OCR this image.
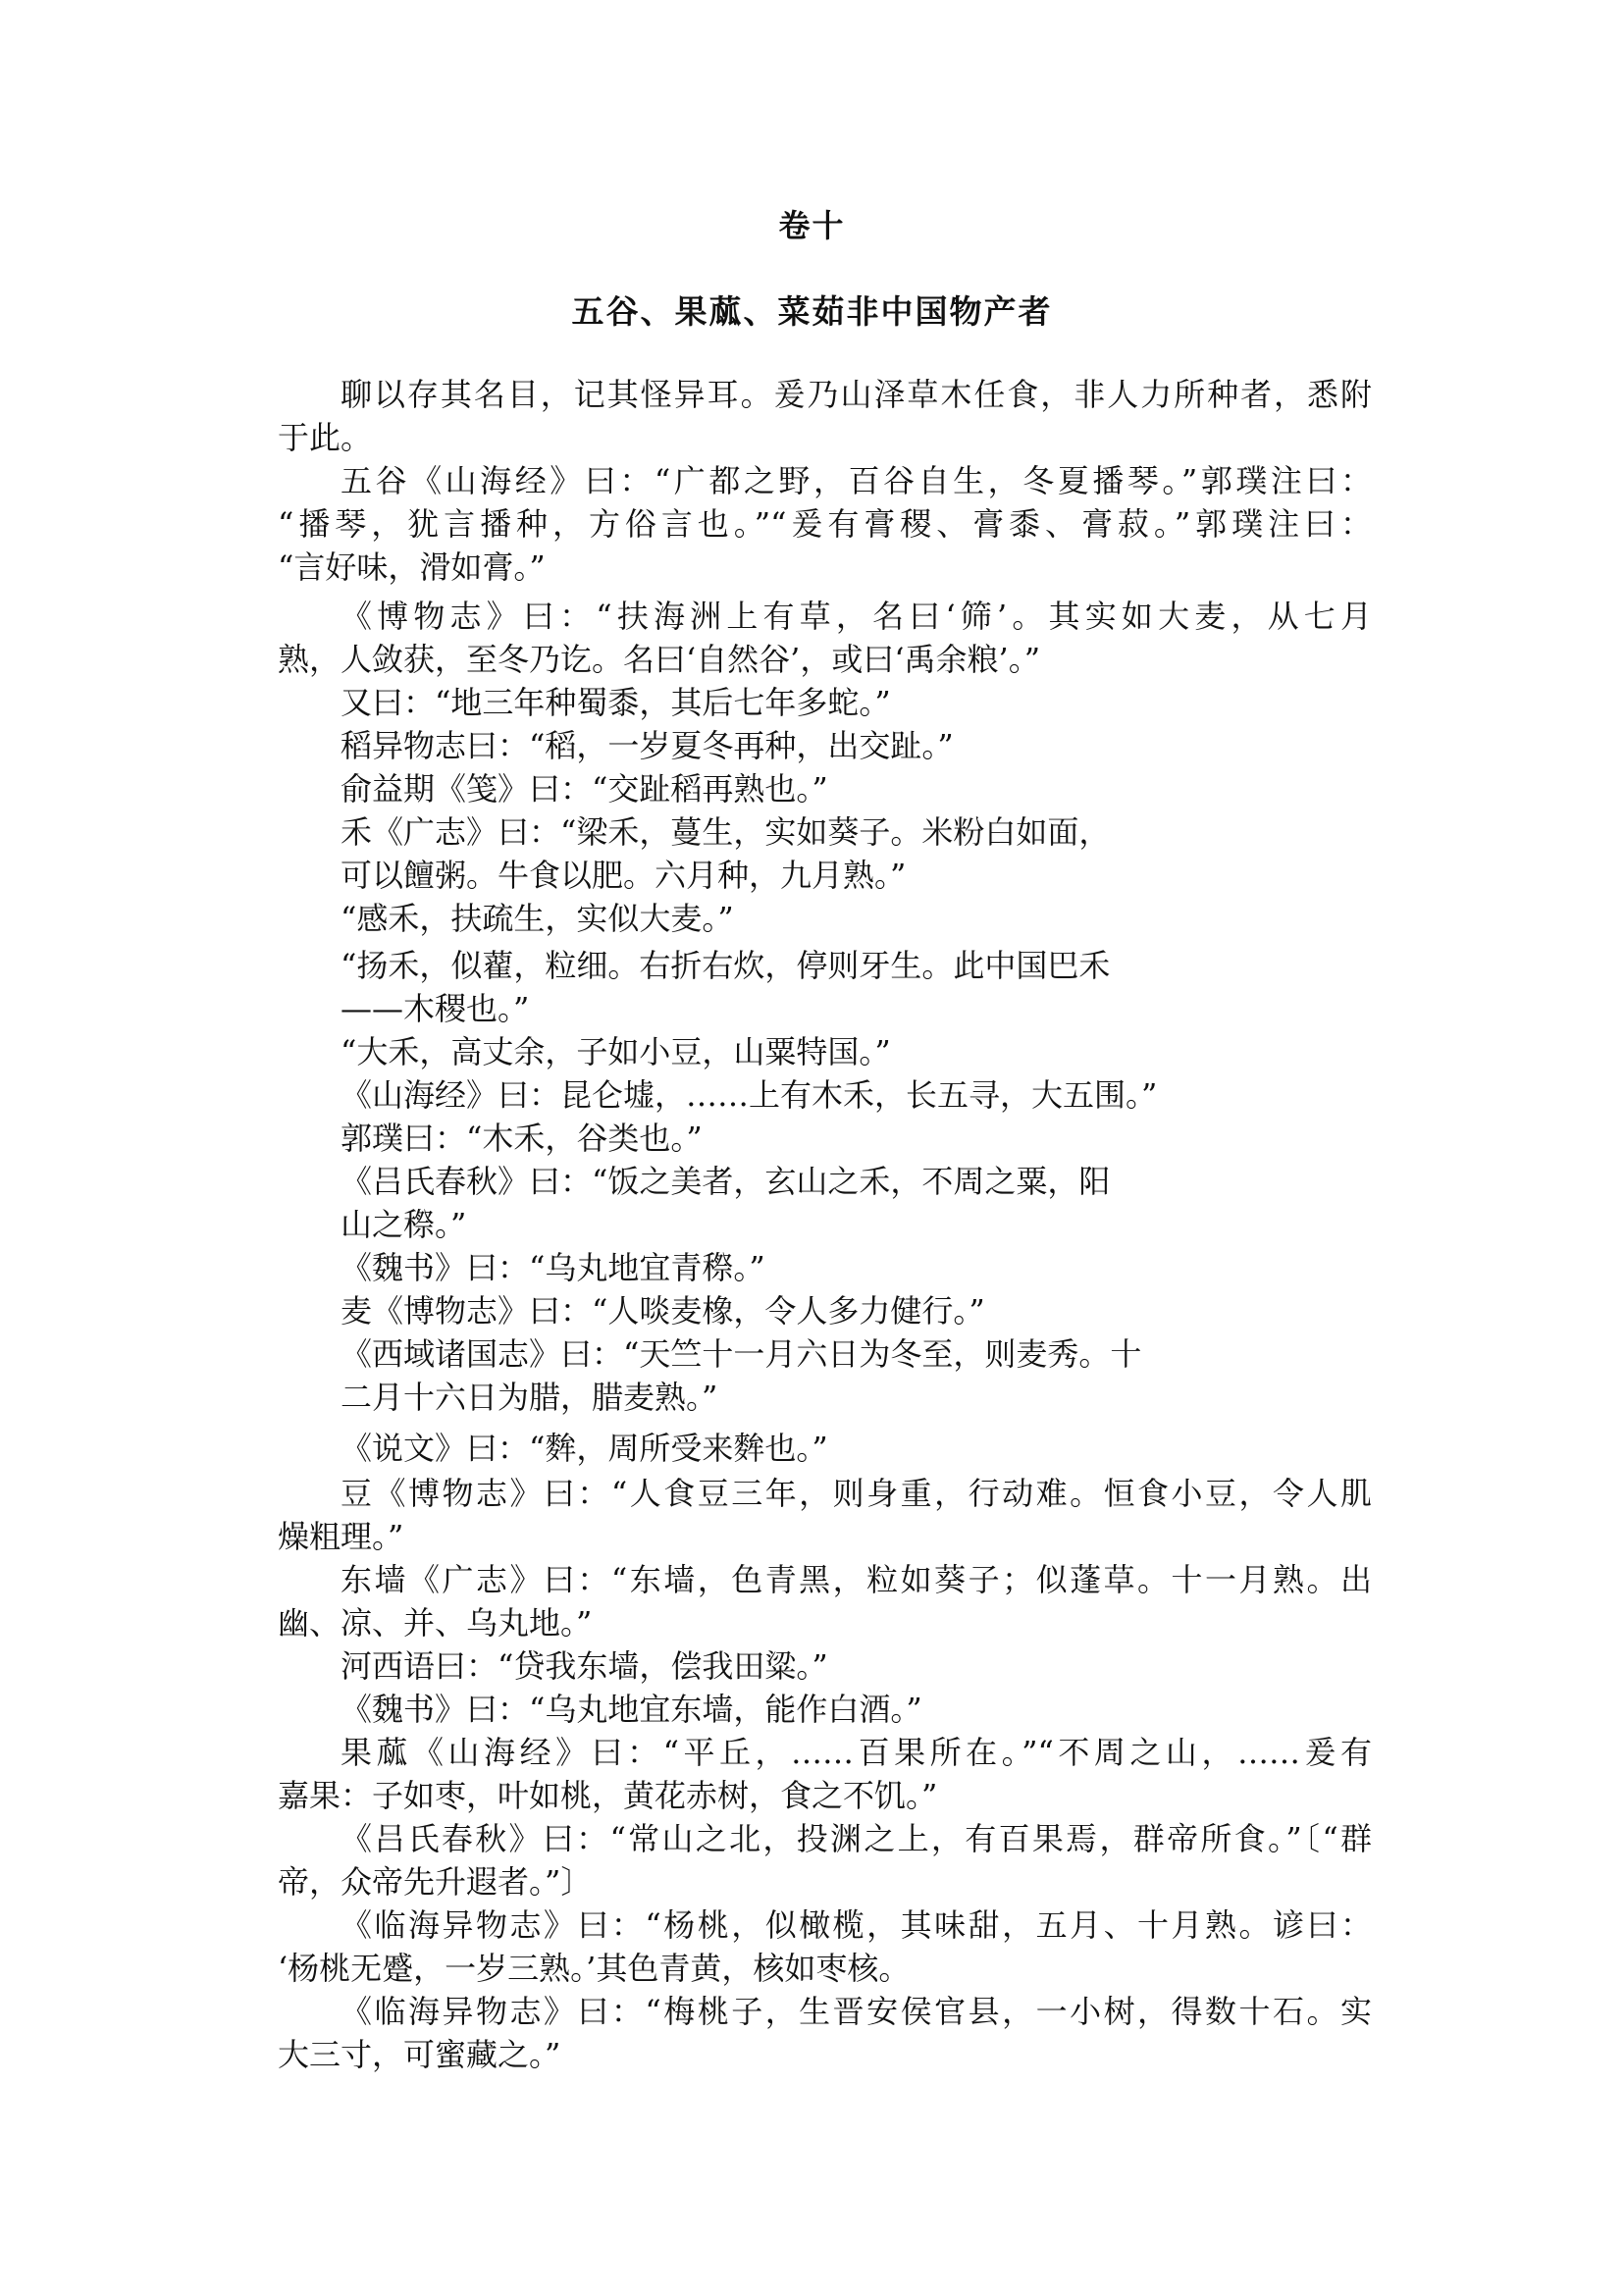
卷十
五谷、果蓏、菜茹非中国物产者

聊以存其名目，记其怪异耳。爰乃山泽草木任食，非人力所种者，悉附

于此。

五谷《山海经》曰：“广都之野，百谷自生，冬夏播琴。”郭璞注曰：

“播琴，犹言播种，方俗言也。”“爰有膏稷、膏黍、膏菽。”郭璞注曰：

“言好味，滑如膏。”

《博物志》曰：“扶海洲上有草，名曰‘筛’。其实如大麦，从七月

熟，人敛获，至冬乃讫。名曰‘自然谷’，或曰‘禹余粮’。”

又曰：“地三年种蜀黍，其后七年多蛇。”

稻异物志曰：“稻，一岁夏冬再种，出交趾。”

俞益期《笺》曰：“交趾稻再熟也。”

禾《广志》曰：“梁禾，蔓生，实如葵子。米粉白如面，

可以饘粥。牛食以肥。六月种，九月熟。”

“感禾，扶疏生，实似大麦。”

“扬禾，似藋，粒细。右折右炊，停则牙生。此中国巴禾

——木稷也。”

“大禾，高丈余，子如小豆，山粟特国。”

《山海经》曰：昆仑墟，……上有木禾，长五寻，大五围。”

郭璞曰：“木禾，谷类也。”

《吕氏春秋》曰：“饭之美者，玄山之禾，不周之粟，阳

山之穄。”

《魏书》曰：“乌丸地宜青穄。”

麦《博物志》曰：“人啖麦橡，令人多力健行。”

《西域诸国志》曰：“天竺十一月六日为冬至，则麦秀。十

二月十六日为腊，腊麦熟。”

《说文》曰：“麰，周所受来麰也。”

豆《博物志》曰：“人食豆三年，则身重，行动难。恒食小豆，令人肌

燥粗理。”

东墙《广志》曰：“东墙，色青黑，粒如葵子；似蓬草。十一月熟。出

幽、凉、并、乌丸地。”

河西语曰：“贷我东墙，偿我田粱。”

《魏书》曰：“乌丸地宜东墙，能作白酒。”

果蓏《山海经》曰：“平丘，……百果所在。”“不周之山，……爰有

嘉果：子如枣，叶如桃，黄花赤树，食之不饥。”

《吕氏春秋》曰：“常山之北，投渊之上，有百果焉，群帝所食。”〔“群

帝，众帝先升遐者。”〕

《临海异物志》曰：“杨桃，似橄榄，其味甜，五月、十月熟。谚曰：

‘杨桃无蹙，一岁三熟。’其色青黄，核如枣核。

《临海异物志》曰：“梅桃子，生晋安侯官县，一小树，得数十石。实

大三寸，可蜜藏之。”
